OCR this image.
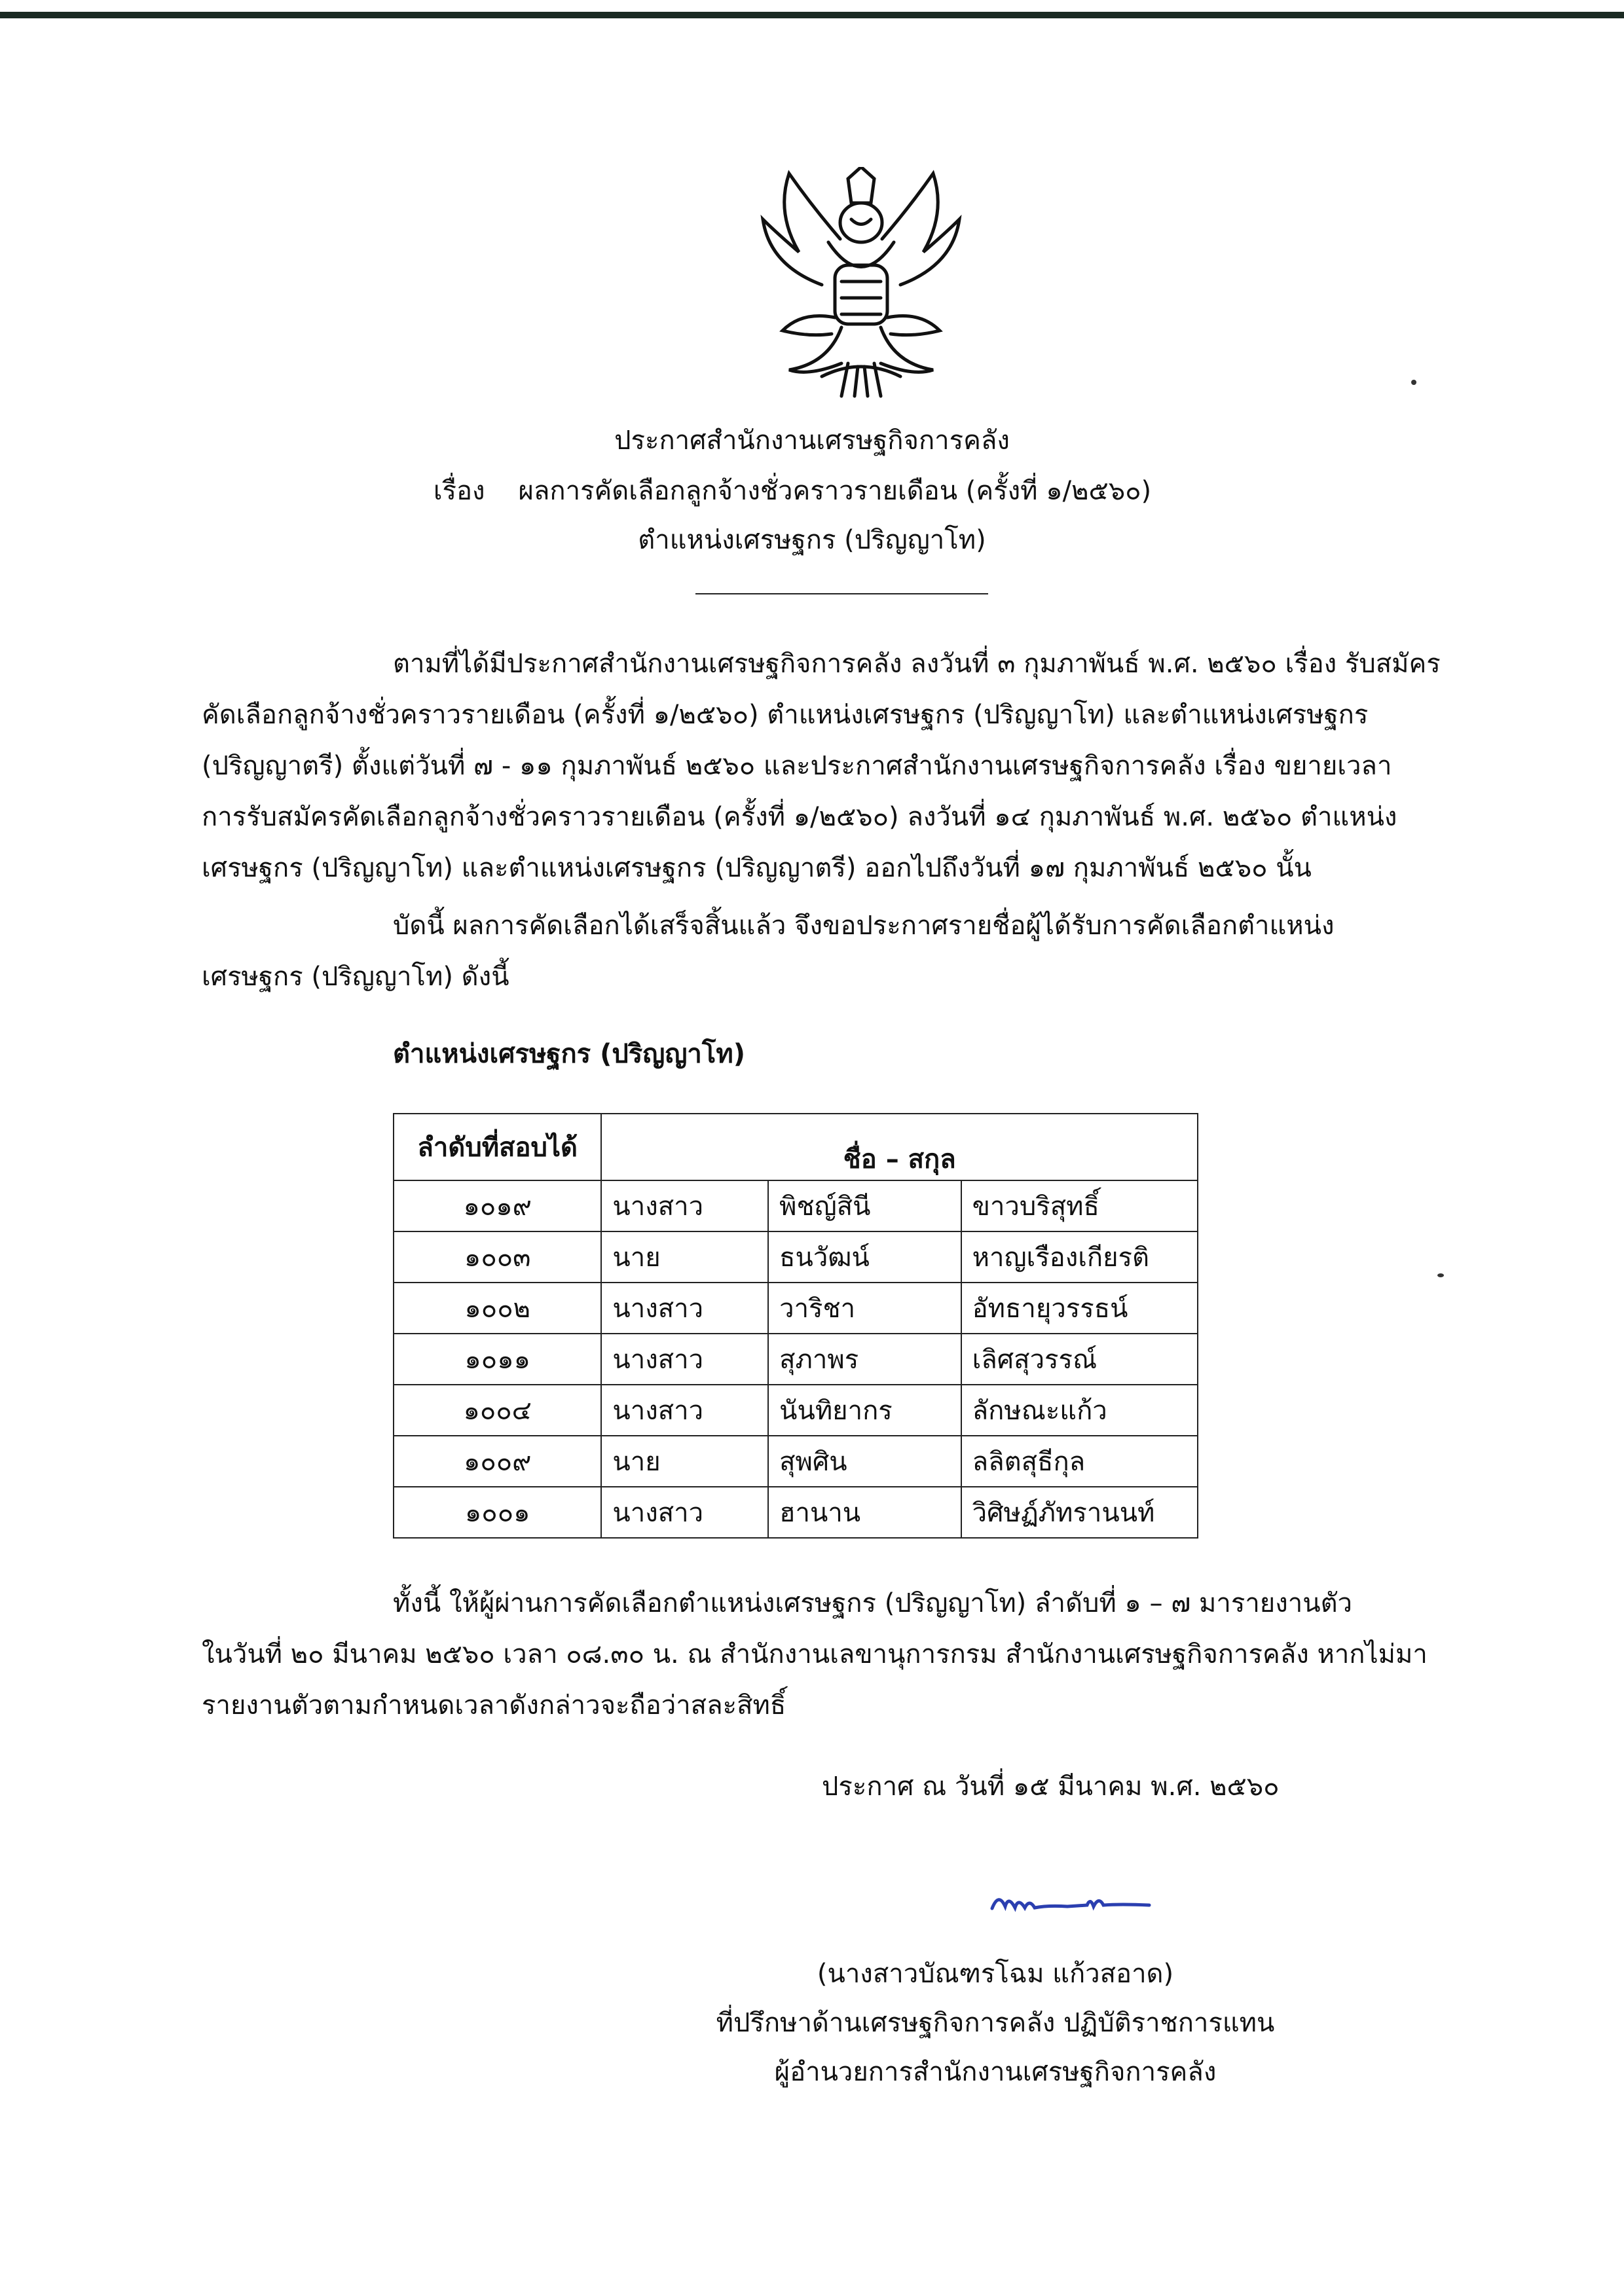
ประกาศสำนักงานเศรษฐกิจการคลัง
เรื่อง ผลการคัดเลือกลูกจ้างชั่วคราวรายเดือน (ครั้งที่ ๑/๒๕๖๐)
ตำแหน่งเศรษฐกร (ปริญญาโท)
ตามที่ได้มีประกาศสำนักงานเศรษฐกิจการคลัง ลงวันที่ ๓ กุมภาพันธ์ พ.ศ. ๒๕๖๐ เรื่อง รับสมัคร
คัดเลือกลูกจ้างชั่วคราวรายเดือน (ครั้งที่ ๑/๒๕๖๐) ตำแหน่งเศรษฐกร (ปริญญาโท) และตำแหน่งเศรษฐกร
(ปริญญาตรี) ตั้งแต่วันที่ ๗ - ๑๑ กุมภาพันธ์ ๒๕๖๐ และประกาศสำนักงานเศรษฐกิจการคลัง เรื่อง ขยายเวลา
การรับสมัครคัดเลือกลูกจ้างชั่วคราวรายเดือน (ครั้งที่ ๑/๒๕๖๐) ลงวันที่ ๑๔ กุมภาพันธ์ พ.ศ. ๒๕๖๐ ตำแหน่ง
เศรษฐกร (ปริญญาโท) และตำแหน่งเศรษฐกร (ปริญญาตรี) ออกไปถึงวันที่ ๑๗ กุมภาพันธ์ ๒๕๖๐ นั้น
บัดนี้ ผลการคัดเลือกได้เสร็จสิ้นแล้ว จึงขอประกาศรายชื่อผู้ได้รับการคัดเลือกตำแหน่ง
เศรษฐกร (ปริญญาโท) ดังนี้
ตำแหน่งเศรษฐกร (ปริญญาโท)
ลำดับที่สอบได้	ชื่อ – สกุล		
๑๐๑๙	นางสาว	พิชญ์สินี	ขาวบริสุทธิ์
๑๐๐๓	นาย	ธนวัฒน์	หาญเรืองเกียรติ
๑๐๐๒	นางสาว	วาริชา	อัทธายุวรรธน์
๑๐๑๑	นางสาว	สุภาพร	เลิศสุวรรณ์
๑๐๐๔	นางสาว	นันทิยากร	ลักษณะแก้ว
๑๐๐๙	นาย	สุพศิน	ลลิตสุธีกุล
๑๐๐๑	นางสาว	ฮานาน	วิศิษฏ์ภัทรานนท์
ทั้งนี้ ให้ผู้ผ่านการคัดเลือกตำแหน่งเศรษฐกร (ปริญญาโท) ลำดับที่ ๑ – ๗ มารายงานตัว
ในวันที่ ๒๐ มีนาคม ๒๕๖๐ เวลา ๐๘.๓๐ น. ณ สำนักงานเลขานุการกรม สำนักงานเศรษฐกิจการคลัง หากไม่มา
รายงานตัวตามกำหนดเวลาดังกล่าวจะถือว่าสละสิทธิ์
ประกาศ ณ วันที่ ๑๕ มีนาคม พ.ศ. ๒๕๖๐
(นางสาวบัณฑรโฉม แก้วสอาด)
ที่ปรึกษาด้านเศรษฐกิจการคลัง ปฏิบัติราชการแทน
ผู้อำนวยการสำนักงานเศรษฐกิจการคลัง
